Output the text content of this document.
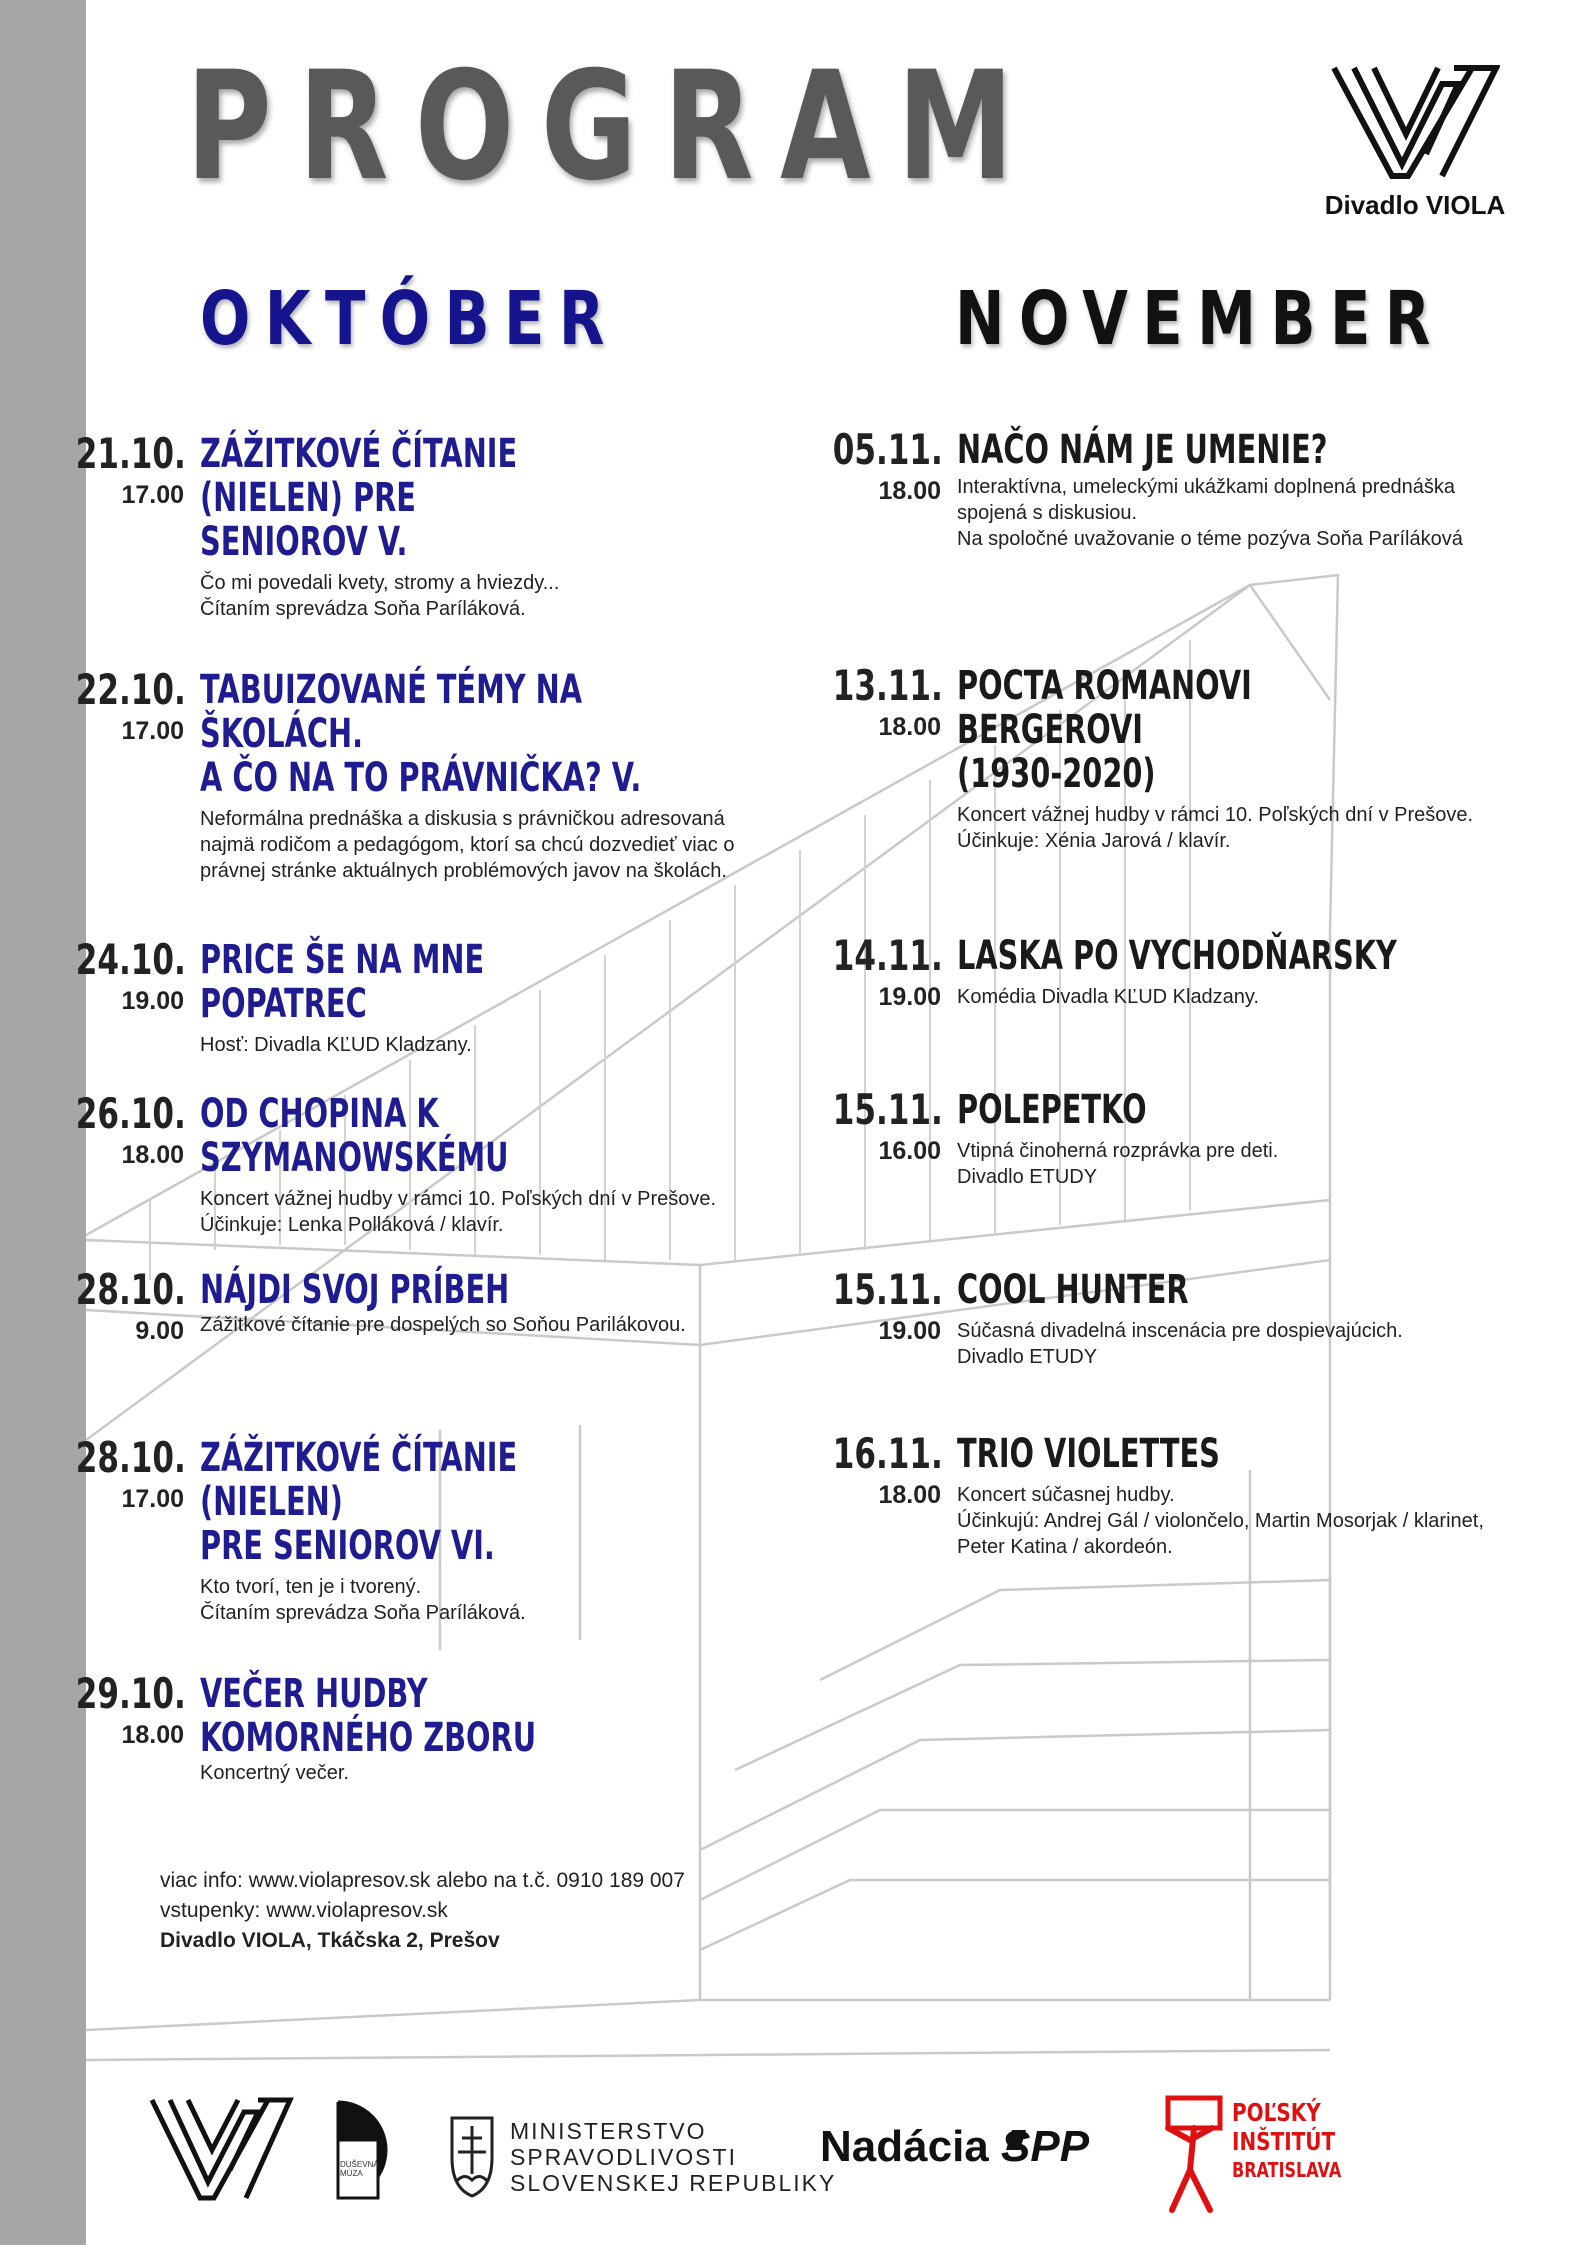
PROGRAM	Divadlo VIOLA
OKTÓBER	NOVEMBER
21.10.
17.00
ZÁŽITKOVÉ ČÍTANIE (NIELEN) PRE
SENIOROV V.
Čo mi povedali kvety, stromy a hviezdy...
Čítaním sprevádza Soňa Paríláková.
22.10.
17.00
TABUIZOVANÉ TÉMY NA ŠKOLÁCH.
A ČO NA TO PRÁVNIČKA? V.
Neformálna prednáška a diskusia s právničkou adresovaná
najmä rodičom a pedagógom, ktorí sa chcú dozvedieť viac o
právnej stránke aktuálnych problémových javov na školách.
24.10.
19.00
PRICE ŠE NA MNE POPATREC
Hosť: Divadla KĽUD Kladzany.
26.10.
18.00
OD CHOPINA K SZYMANOWSKÉMU
Koncert vážnej hudby v rámci 10. Poľských dní v Prešove.
Účinkuje: Lenka Polláková / klavír.
28.10.
9.00
NÁJDI SVOJ PRÍBEH
Zážitkové čítanie pre dospelých so Soňou Parilákovou.
28.10.
17.00
ZÁŽITKOVÉ ČÍTANIE (NIELEN)
PRE SENIOROV VI.
Kto tvorí, ten je i tvorený.
Čítaním sprevádza Soňa Paríláková.
29.10.
18.00
VEČER HUDBY KOMORNÉHO ZBORU
Koncertný večer.
05.11.
18.00
NAČO NÁM JE UMENIE?
Interaktívna, umeleckými ukážkami doplnená prednáška
spojená s diskusiou.
Na spoločné uvažovanie o téme pozýva Soňa Paríláková
13.11.
18.00
POCTA ROMANOVI BERGEROVI
(1930-2020)
Koncert vážnej hudby v rámci 10. Poľských dní v Prešove.
Účinkuje: Xénia Jarová / klavír.
14.11.
19.00
LASKA PO VYCHODŇARSKY
Komédia Divadla KĽUD Kladzany.
15.11.
16.00
POLEPETKO
Vtipná činoherná rozprávka pre deti.
Divadlo ETUDY
15.11.
19.00
COOL HUNTER
Súčasná divadelná inscenácia pre dospievajúcich.
Divadlo ETUDY
16.11.
18.00
TRIO VIOLETTES
Koncert súčasnej hudby.
Účinkujú: Andrej Gál / violončelo, Martin Mosorjak / klarinet,
Peter Katina / akordeón.
viac info: www.violapresov.sk alebo na t.č. 0910 189 007
vstupenky: www.violapresov.sk
Divadlo VIOLA, Tkáčska 2, Prešov
DUŠEVNÁ
MÚZA
MINISTERSTVO
SPRAVODLIVOSTI
SLOVENSKEJ REPUBLIKY
Nadácia SPP
POĽSKÝ
INŠTITÚT
BRATISLAVA
